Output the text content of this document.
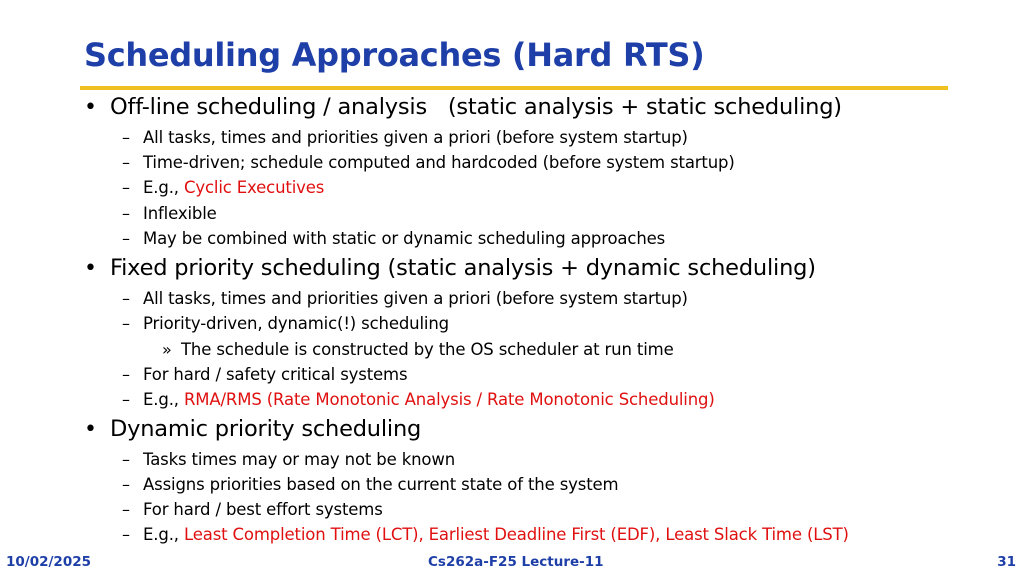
Scheduling Approaches (Hard RTS)
• Off-line scheduling / analysis   (static analysis + static scheduling)
– All tasks, times and priorities given a priori (before system startup)
– Time-driven; schedule computed and hardcoded (before system startup)
– E.g., Cyclic Executives
– Inflexible
– May be combined with static or dynamic scheduling approaches
• Fixed priority scheduling (static analysis + dynamic scheduling)
– All tasks, times and priorities given a priori (before system startup)
– Priority-driven, dynamic(!) scheduling
» The schedule is constructed by the OS scheduler at run time
– For hard / safety critical systems
– E.g., RMA/RMS (Rate Monotonic Analysis / Rate Monotonic Scheduling)
• Dynamic priority scheduling
– Tasks times may or may not be known
– Assigns priorities based on the current state of the system
– For hard / best effort systems
– E.g., Least Completion Time (LCT), Earliest Deadline First (EDF), Least Slack Time (LST)
10/02/2025	Cs262a-F25 Lecture-11	31
